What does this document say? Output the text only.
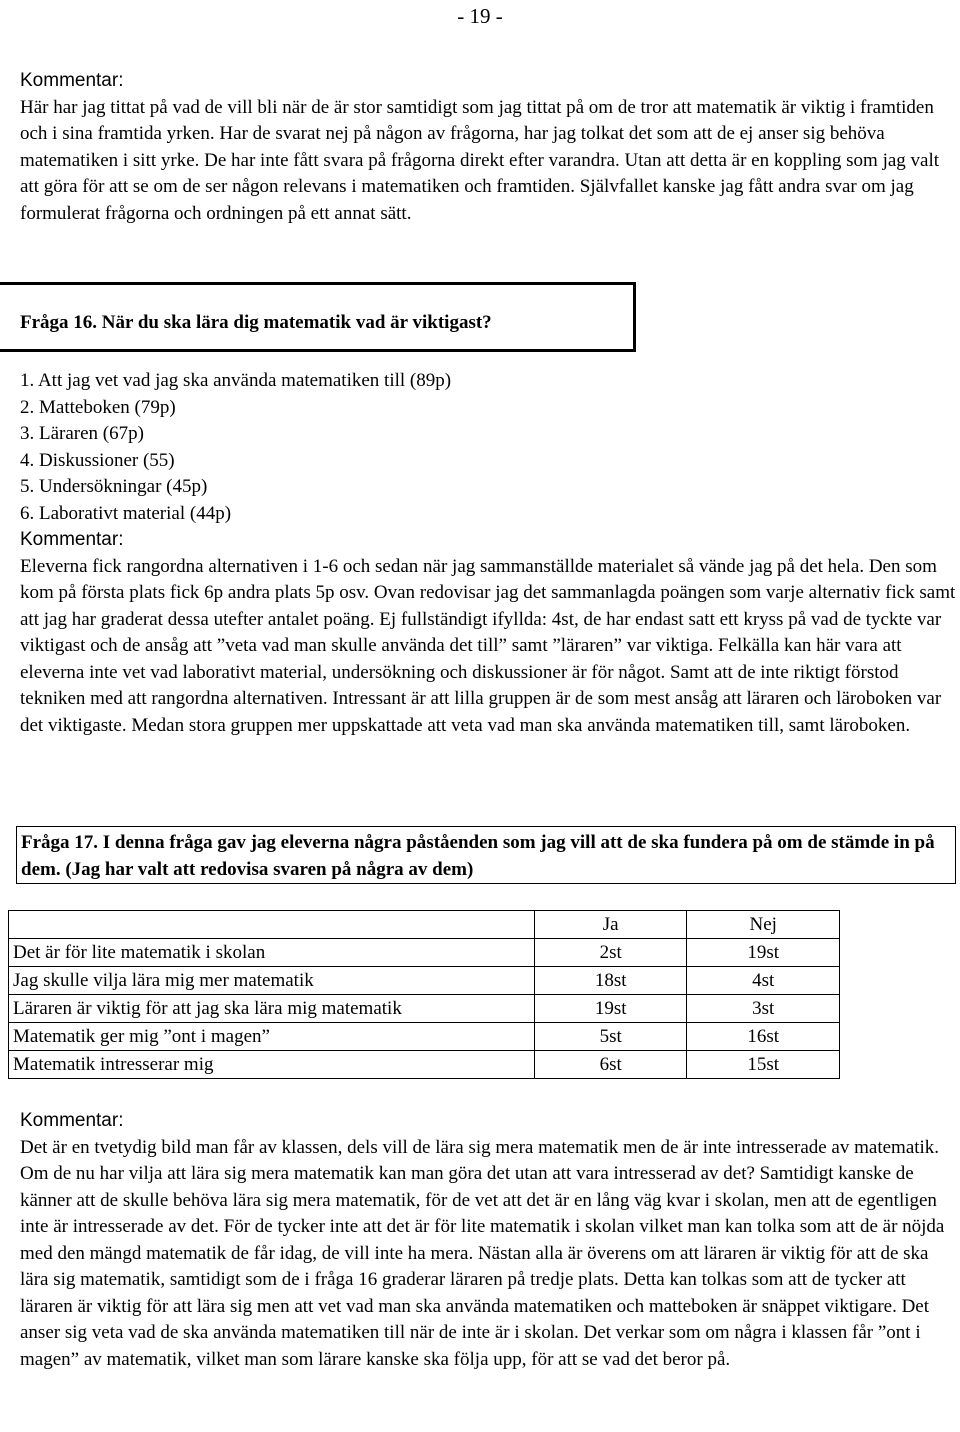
- 19 -
Kommentar:
Här har jag tittat på vad de vill bli när de är stor samtidigt som jag tittat på om de tror att matematik är viktig i framtiden och i sina framtida yrken. Har de svarat nej på någon av frågorna, har jag tolkat det som att de ej anser sig behöva matematiken i sitt yrke. De har inte fått svara på frågorna direkt efter varandra. Utan att detta är en koppling som jag valt att göra för att se om de ser någon relevans i matematiken och framtiden. Självfallet kanske jag fått andra svar om jag formulerat frågorna och ordningen på ett annat sätt.
Fråga 16. När du ska lära dig matematik vad är viktigast?
1. Att jag vet vad jag ska använda matematiken till (89p)
2. Matteboken (79p)
3. Läraren (67p)
4. Diskussioner (55)
5. Undersökningar (45p)
6. Laborativt material (44p)
Kommentar:
Eleverna fick rangordna alternativen i 1-6 och sedan när jag sammanställde materialet så vände jag på det hela. Den som kom på första plats fick 6p andra plats 5p osv. Ovan redovisar jag det sammanlagda poängen som varje alternativ fick samt att jag har graderat dessa utefter antalet poäng. Ej fullständigt ifyllda: 4st, de har endast satt ett kryss på vad de tyckte var viktigast och de ansåg att ”veta vad man skulle använda det till” samt ”läraren” var viktiga. Felkälla kan här vara att eleverna inte vet vad laborativt material, undersökning och diskussioner är för något. Samt att de inte riktigt förstod tekniken med att rangordna alternativen. Intressant är att lilla gruppen är de som mest ansåg att läraren och läroboken var det viktigaste. Medan stora gruppen mer uppskattade att veta vad man ska använda matematiken till, samt läroboken.
Fråga 17. I denna fråga gav jag eleverna några påståenden som jag vill att de ska fundera på om de stämde in på dem. (Jag har valt att redovisa svaren på några av dem)
	Ja	Nej
Det är för lite matematik i skolan	2st	19st
Jag skulle vilja lära mig mer matematik	18st	4st
Läraren är viktig för att jag ska lära mig matematik	19st	3st
Matematik ger mig ”ont i magen”	5st	16st
Matematik intresserar mig	6st	15st
Kommentar:
Det är en tvetydig bild man får av klassen, dels vill de lära sig mera matematik men de är inte intresserade av matematik. Om de nu har vilja att lära sig mera matematik kan man göra det utan att vara intresserad av det? Samtidigt kanske de känner att de skulle behöva lära sig mera matematik, för de vet att det är en lång väg kvar i skolan, men att de egentligen inte är intresserade av det. För de tycker inte att det är för lite matematik i skolan vilket man kan tolka som att de är nöjda med den mängd matematik de får idag, de vill inte ha mera. Nästan alla är överens om att läraren är viktig för att de ska lära sig matematik, samtidigt som de i fråga 16 graderar läraren på tredje plats. Detta kan tolkas som att de tycker att läraren är viktig för att lära sig men att vet vad man ska använda matematiken och matteboken är snäppet viktigare. Det anser sig veta vad de ska använda matematiken till när de inte är i skolan. Det verkar som om några i klassen får ”ont i magen” av matematik, vilket man som lärare kanske ska följa upp, för att se vad det beror på.
